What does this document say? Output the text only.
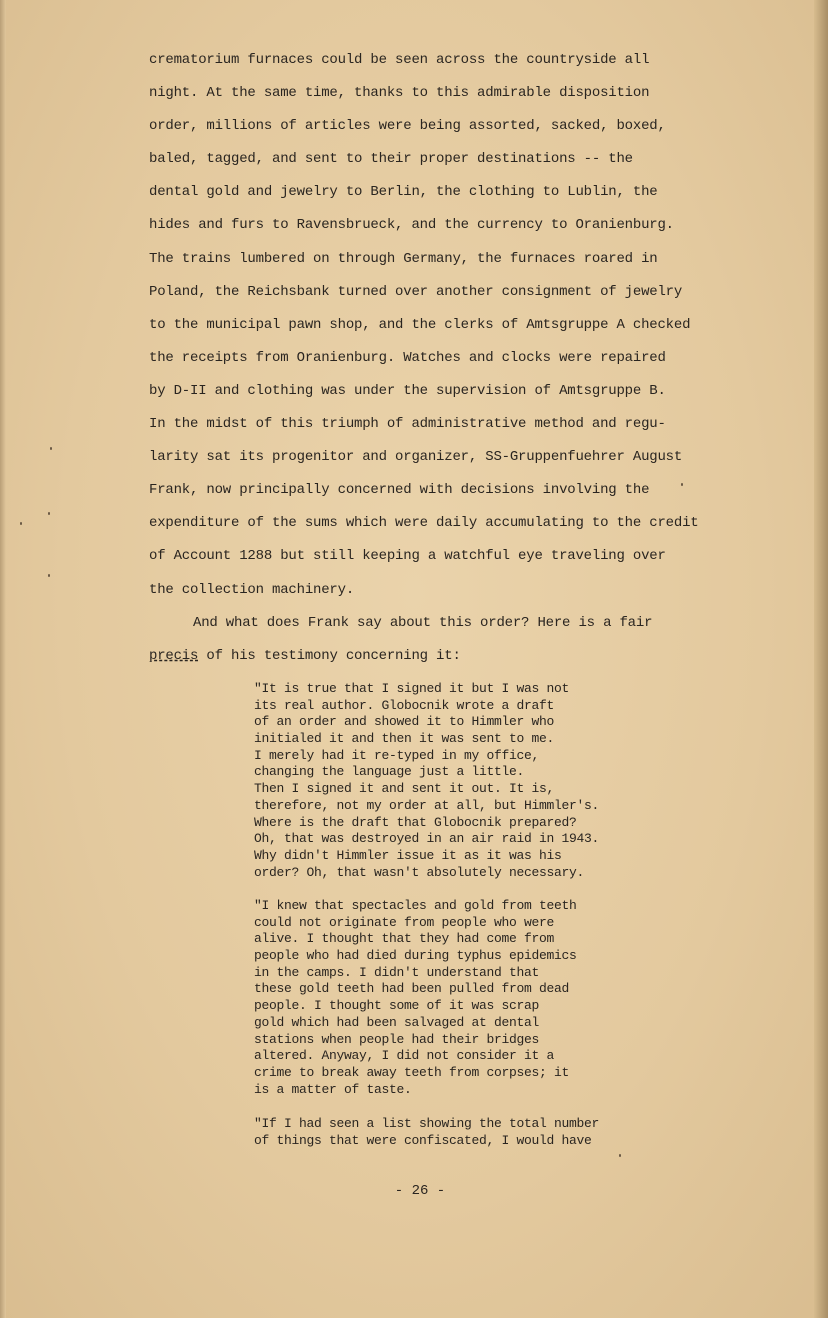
crematorium furnaces could be seen across the countryside all
night. At the same time, thanks to this admirable disposition
order, millions of articles were being assorted, sacked, boxed,
baled, tagged, and sent to their proper destinations -- the
dental gold and jewelry to Berlin, the clothing to Lublin, the
hides and furs to Ravensbrueck, and the currency to Oranienburg.
The trains lumbered on through Germany, the furnaces roared in
Poland, the Reichsbank turned over another consignment of jewelry
to the municipal pawn shop, and the clerks of Amtsgruppe A checked
the receipts from Oranienburg. Watches and clocks were repaired
by D-II and clothing was under the supervision of Amtsgruppe B.
In the midst of this triumph of administrative method and regu-
larity sat its progenitor and organizer, SS-Gruppenfuehrer August
Frank, now principally concerned with decisions involving the
expenditure of the sums which were daily accumulating to the credit
of Account 1288 but still keeping a watchful eye traveling over
the collection machinery.
And what does Frank say about this order? Here is a fair
precis of his testimony concerning it:
"It is true that I signed it but I was not
its real author. Globocnik wrote a draft
of an order and showed it to Himmler who
initialed it and then it was sent to me.
I merely had it re-typed in my office,
changing the language just a little.
Then I signed it and sent it out. It is,
therefore, not my order at all, but Himmler's.
Where is the draft that Globocnik prepared?
Oh, that was destroyed in an air raid in 1943.
Why didn't Himmler issue it as it was his
order? Oh, that wasn't absolutely necessary.
"I knew that spectacles and gold from teeth
could not originate from people who were
alive. I thought that they had come from
people who had died during typhus epidemics
in the camps. I didn't understand that
these gold teeth had been pulled from dead
people. I thought some of it was scrap
gold which had been salvaged at dental
stations when people had their bridges
altered. Anyway, I did not consider it a
crime to break away teeth from corpses; it
is a matter of taste.
"If I had seen a list showing the total number
of things that were confiscated, I would have
- 26 -
